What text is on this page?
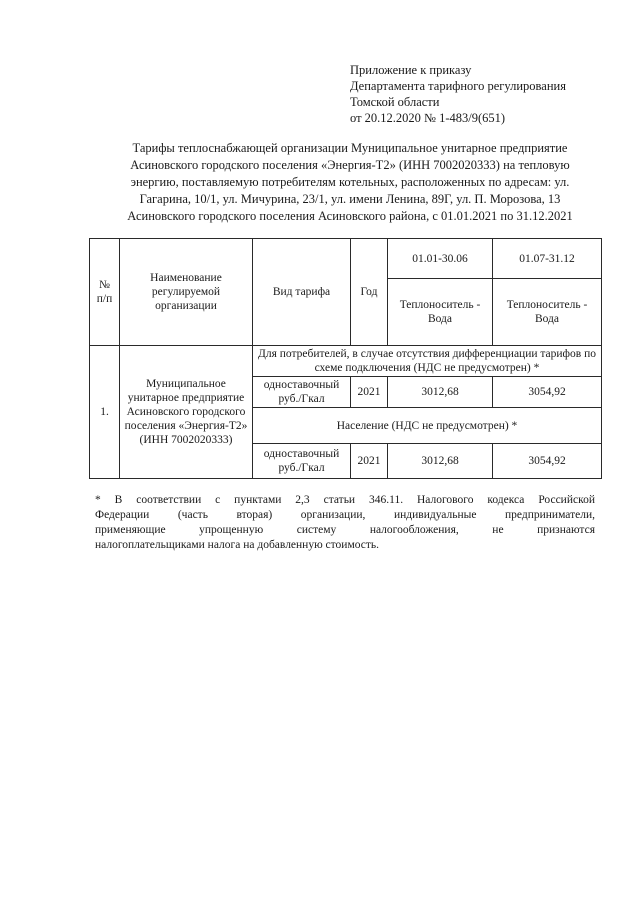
Приложение к приказу
Департамента тарифного регулирования
Томской области
от 20.12.2020 № 1-483/9(651)
Тарифы теплоснабжающей организации Муниципальное унитарное предприятие
Асиновского городского поселения «Энергия-Т2» (ИНН 7002020333) на тепловую
энергию, поставляемую потребителям котельных, расположенных по адресам: ул.
Гагарина, 10/1, ул. Мичурина, 23/1, ул. имени Ленина, 89Г, ул. П. Морозова, 13
Асиновского городского поселения Асиновского района, с 01.01.2021 по 31.12.2021
№ п/п	Наименование регулируемой организации	Вид тарифа	Год	01.01-30.06	01.07-31.12
				Теплоноситель - Вода	Теплоноситель - Вода
1.	Муниципальное унитарное предприятие Асиновского городского поселения «Энергия-Т2» (ИНН 7002020333)	Для потребителей, в случае отсутствия дифференциации тарифов по схеме подключения (НДС не предусмотрен) *			
		одноставочный руб./Гкал	2021	3012,68	3054,92
		Население (НДС не предусмотрен) *			
		одноставочный руб./Гкал	2021	3012,68	3054,92
* В соответствии с пунктами 2,3 статьи 346.11. Налогового кодекса Российской
Федерации (часть вторая) организации, индивидуальные предприниматели,
применяющие упрощенную систему налогообложения, не признаются
налогоплательщиками налога на добавленную стоимость.
